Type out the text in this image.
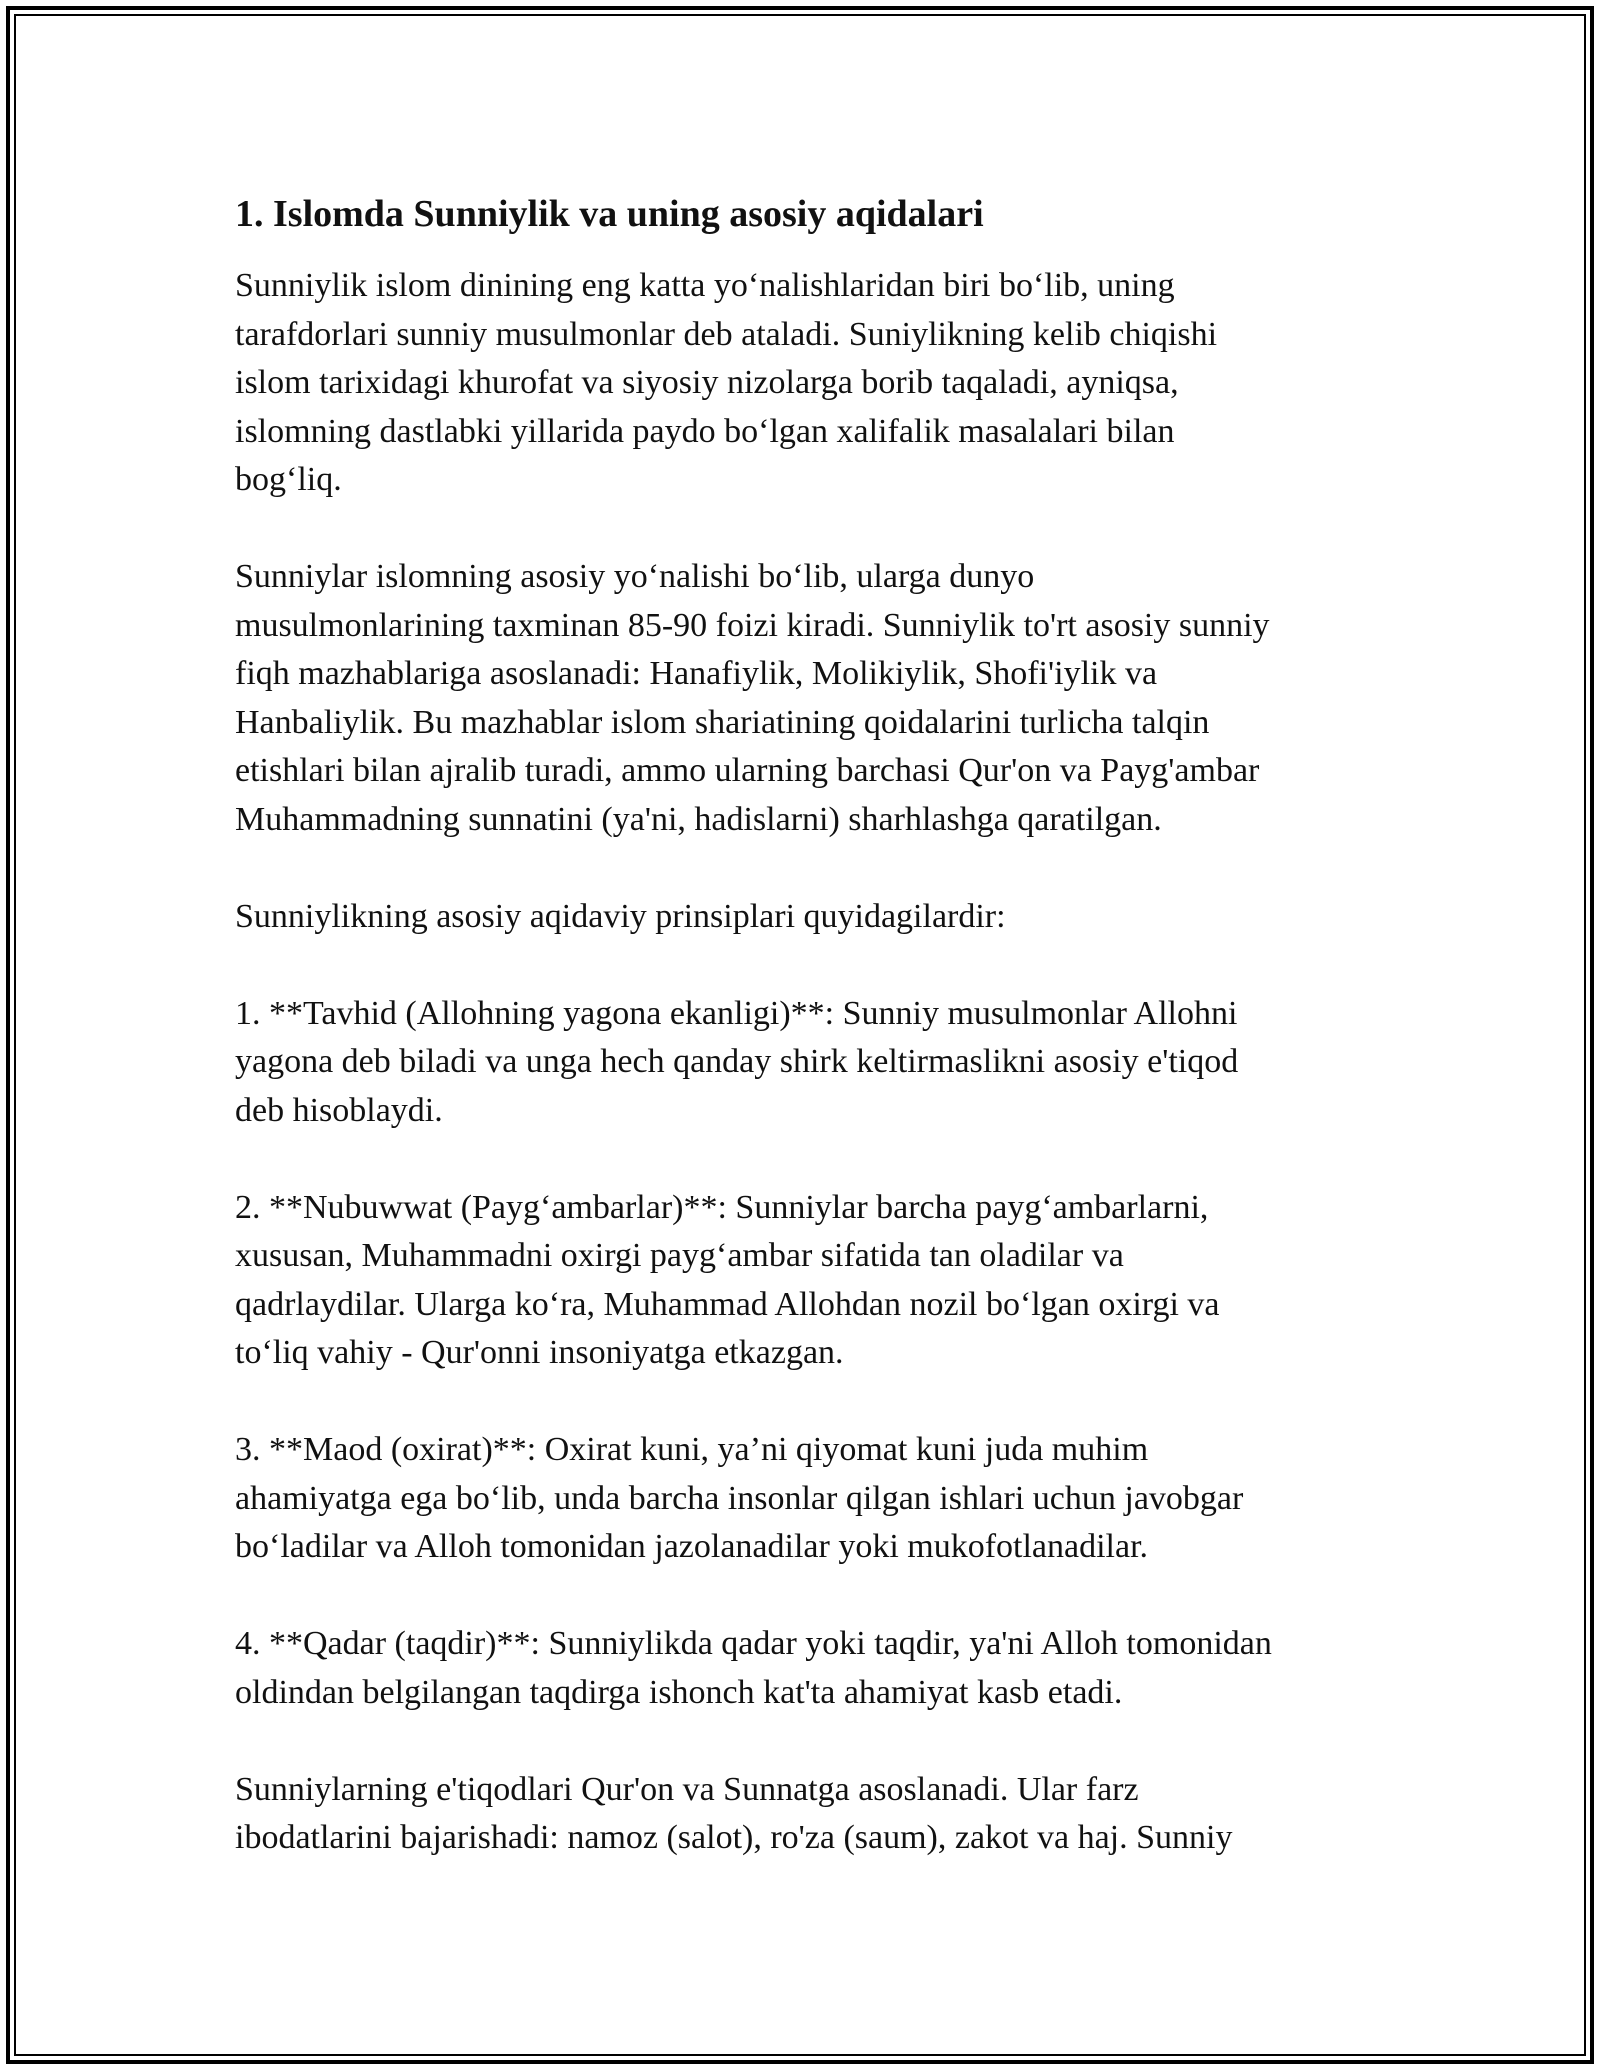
1. Islomda Sunniylik va uning asosiy aqidalari

Sunniylik islom dinining eng katta yoʻnalishlaridan biri boʻlib, uning
tarafdorlari sunniy musulmonlar deb ataladi. Suniylikning kelib chiqishi
islom tarixidagi khurofat va siyosiy nizolarga borib taqaladi, ayniqsa,
islomning dastlabki yillarida paydo boʻlgan xalifalik masalalari bilan
bogʻliq.

Sunniylar islomning asosiy yoʻnalishi boʻlib, ularga dunyo
musulmonlarining taxminan 85-90 foizi kiradi. Sunniylik to'rt asosiy sunniy
fiqh mazhablariga asoslanadi: Hanafiylik, Molikiylik, Shofi'iylik va
Hanbaliylik. Bu mazhablar islom shariatining qoidalarini turlicha talqin
etishlari bilan ajralib turadi, ammo ularning barchasi Qur'on va Payg'ambar
Muhammadning sunnatini (ya'ni, hadislarni) sharhlashga qaratilgan.

Sunniylikning asosiy aqidaviy prinsiplari quyidagilardir:

1. **Tavhid (Allohning yagona ekanligi)**: Sunniy musulmonlar Allohni
yagona deb biladi va unga hech qanday shirk keltirmaslikni asosiy e'tiqod
deb hisoblaydi.

2. **Nubuwwat (Paygʻambarlar)**: Sunniylar barcha paygʻambarlarni,
xususan, Muhammadni oxirgi paygʻambar sifatida tan oladilar va
qadrlaydilar. Ularga koʻra, Muhammad Allohdan nozil boʻlgan oxirgi va
toʻliq vahiy - Qur'onni insoniyatga etkazgan.

3. **Maod (oxirat)**: Oxirat kuni, ya’ni qiyomat kuni juda muhim
ahamiyatga ega boʻlib, unda barcha insonlar qilgan ishlari uchun javobgar
boʻladilar va Alloh tomonidan jazolanadilar yoki mukofotlanadilar.

4. **Qadar (taqdir)**: Sunniylikda qadar yoki taqdir, ya'ni Alloh tomonidan
oldindan belgilangan taqdirga ishonch kat'ta ahamiyat kasb etadi.

Sunniylarning e'tiqodlari Qur'on va Sunnatga asoslanadi. Ular farz
ibodatlarini bajarishadi: namoz (salot), ro'za (saum), zakot va haj. Sunniy
